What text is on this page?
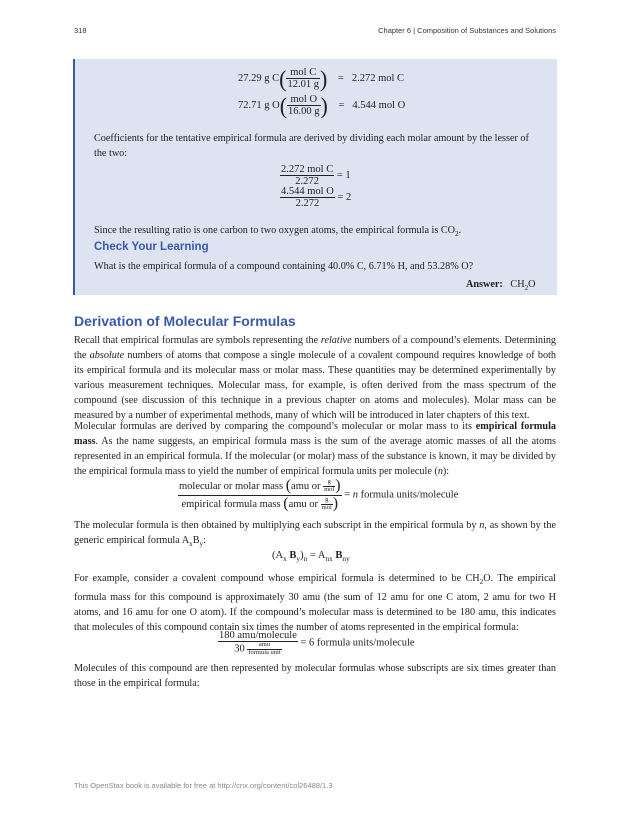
318	Chapter 6 | Composition of Substances and Solutions
27.29 g $C( \frac{\text{mol C}}{12.01 g}$ ) = 2.272 mol C
72.71 g $O( \frac{\text{mol O}}{16.00 g}$ ) = 4.544 mol O
Coefficients for the tentative empirical formula are derived by dividing each molar amount by the lesser of the two:
$\frac{\text{2.272 mol C}}{2.272} = 1$
$\frac{\text{4.544 mol O}}{2.272} = 2$
Since the resulting ratio is one carbon to two oxygen atoms, the empirical formula is $CO_2$.
Check Your Learning
What is the empirical formula of a compound containing 40.0% C, 6.71% H, and 53.28% O?
Answer: $CH_2O$
Derivation of Molecular Formulas
Recall that empirical formulas are symbols representing the relative numbers of a compound’s elements. Determining the absolute numbers of atoms that compose a single molecule of a covalent compound requires knowledge of both its empirical formula and its molecular mass or molar mass. These quantities may be determined experimentally by various measurement techniques. Molecular mass, for example, is often derived from the mass spectrum of the compound (see discussion of this technique in a previous chapter on atoms and molecules). Molar mass can be measured by a number of experimental methods, many of which will be introduced in later chapters of this text.
Molecular formulas are derived by comparing the compound’s molecular or molar mass to its empirical formula mass. As the name suggests, an empirical formula mass is the sum of the average atomic masses of all the atoms represented in an empirical formula. If the molecular (or molar) mass of the substance is known, it may be divided by the empirical formula mass to yield the number of empirical formula units per molecule (n):
$\frac{molecular or molar mass (amu or \frac{g}{\text{mol}} )}{empirical formula mass (amu or \frac{g}{\text{mol}} )} = n$ formula units/molecule
The molecular formula is then obtained by multiplying each subscript in the empirical formula by n, as shown by the generic empirical formula $A_xB_y$:
($A_x$ $B_y)_n = A_{nx}$ $B_{ny}$
For example, consider a covalent compound whose empirical formula is determined to be $CH_2O$. The empirical formula mass for this compound is approximately 30 amu (the sum of 12 amu for one C atom, 2 amu for two H atoms, and 16 amu for one O atom). If the compound’s molecular mass is determined to be 180 amu, this indicates that molecules of this compound contain six times the number of atoms represented in the empirical formula:
$\frac{\text{180 amu/molecule}}{30 \frac{\text{amu}}{\text{formula unit}}} = 6$ formula units/molecule
Molecules of this compound are then represented by molecular formulas whose subscripts are six times greater than those in the empirical formula:
This OpenStax book is available for free at http://cnx.org/content/col26488/1.3
